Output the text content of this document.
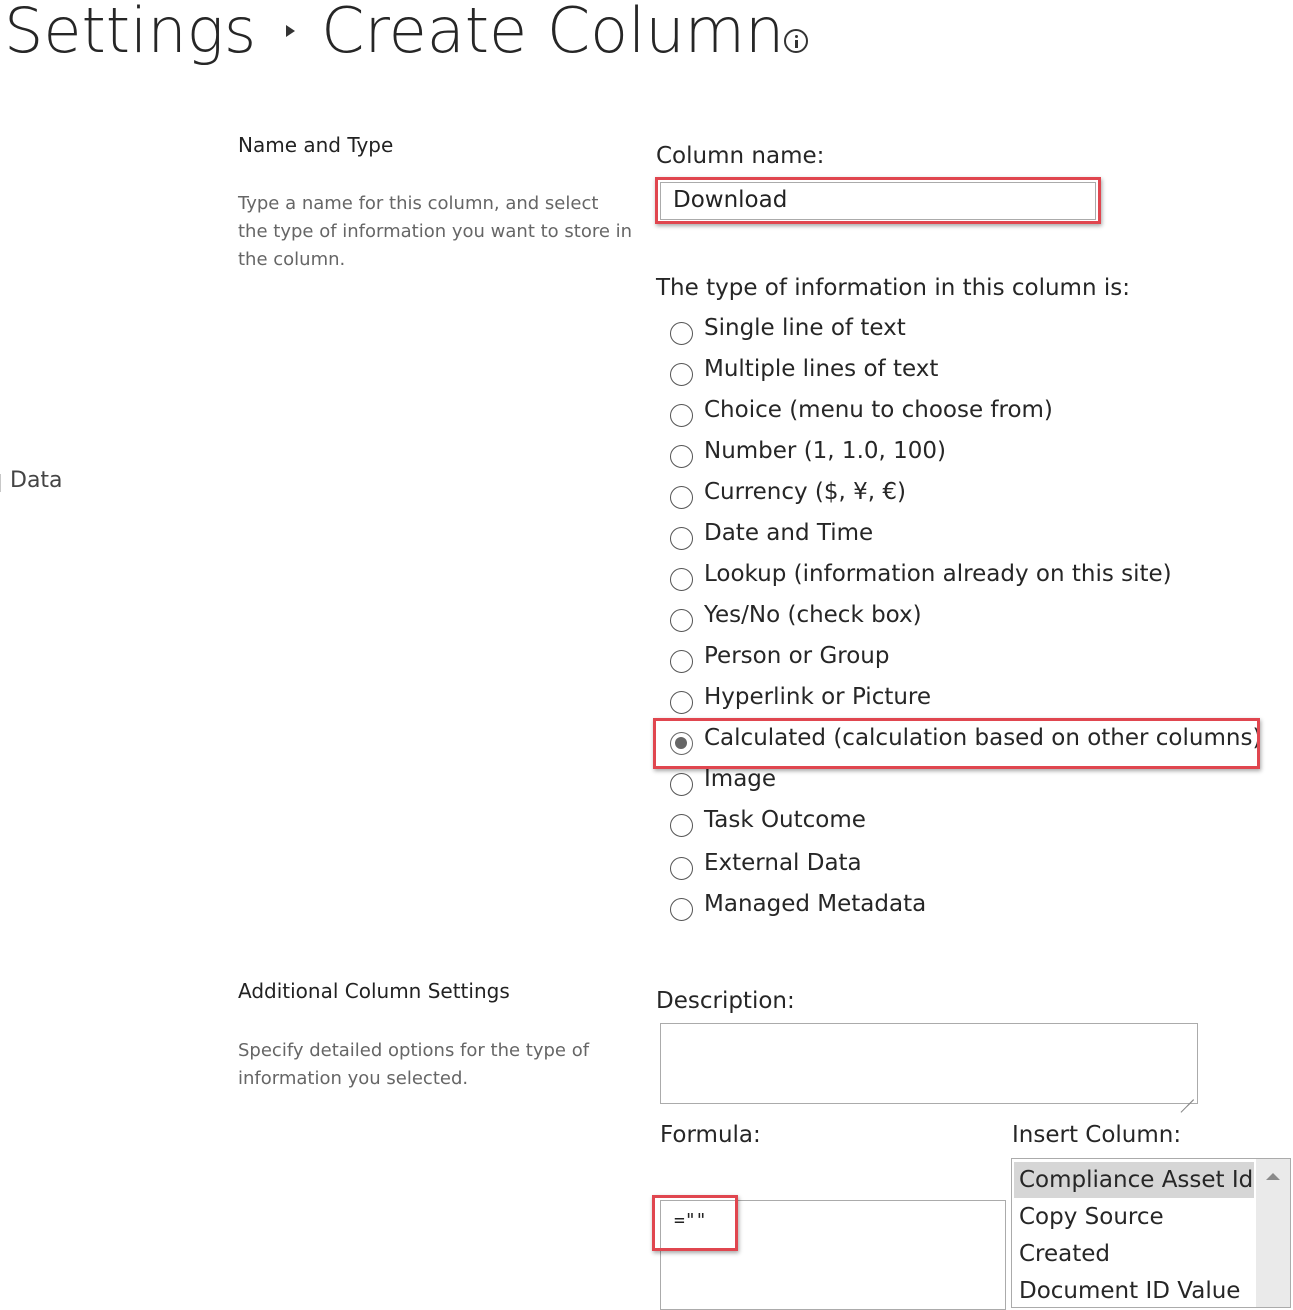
Settings Create Column
Data
Name and Type
Type a name for this column, and select the type of information you want to store in the column.
Column name:
Download
The type of information in this column is:
Single line of text
Multiple lines of text
Choice (menu to choose from)
Number (1, 1.0, 100)
Currency ($, ¥, €)
Date and Time
Lookup (information already on this site)
Yes/No (check box)
Person or Group
Hyperlink or Picture
Calculated (calculation based on other columns)
Image
Task Outcome
External Data
Managed Metadata
Additional Column Settings
Specify detailed options for the type of information you selected.
Description:
Formula:
=""
Insert Column:
Compliance Asset Id
Copy Source
Created
Document ID Value
